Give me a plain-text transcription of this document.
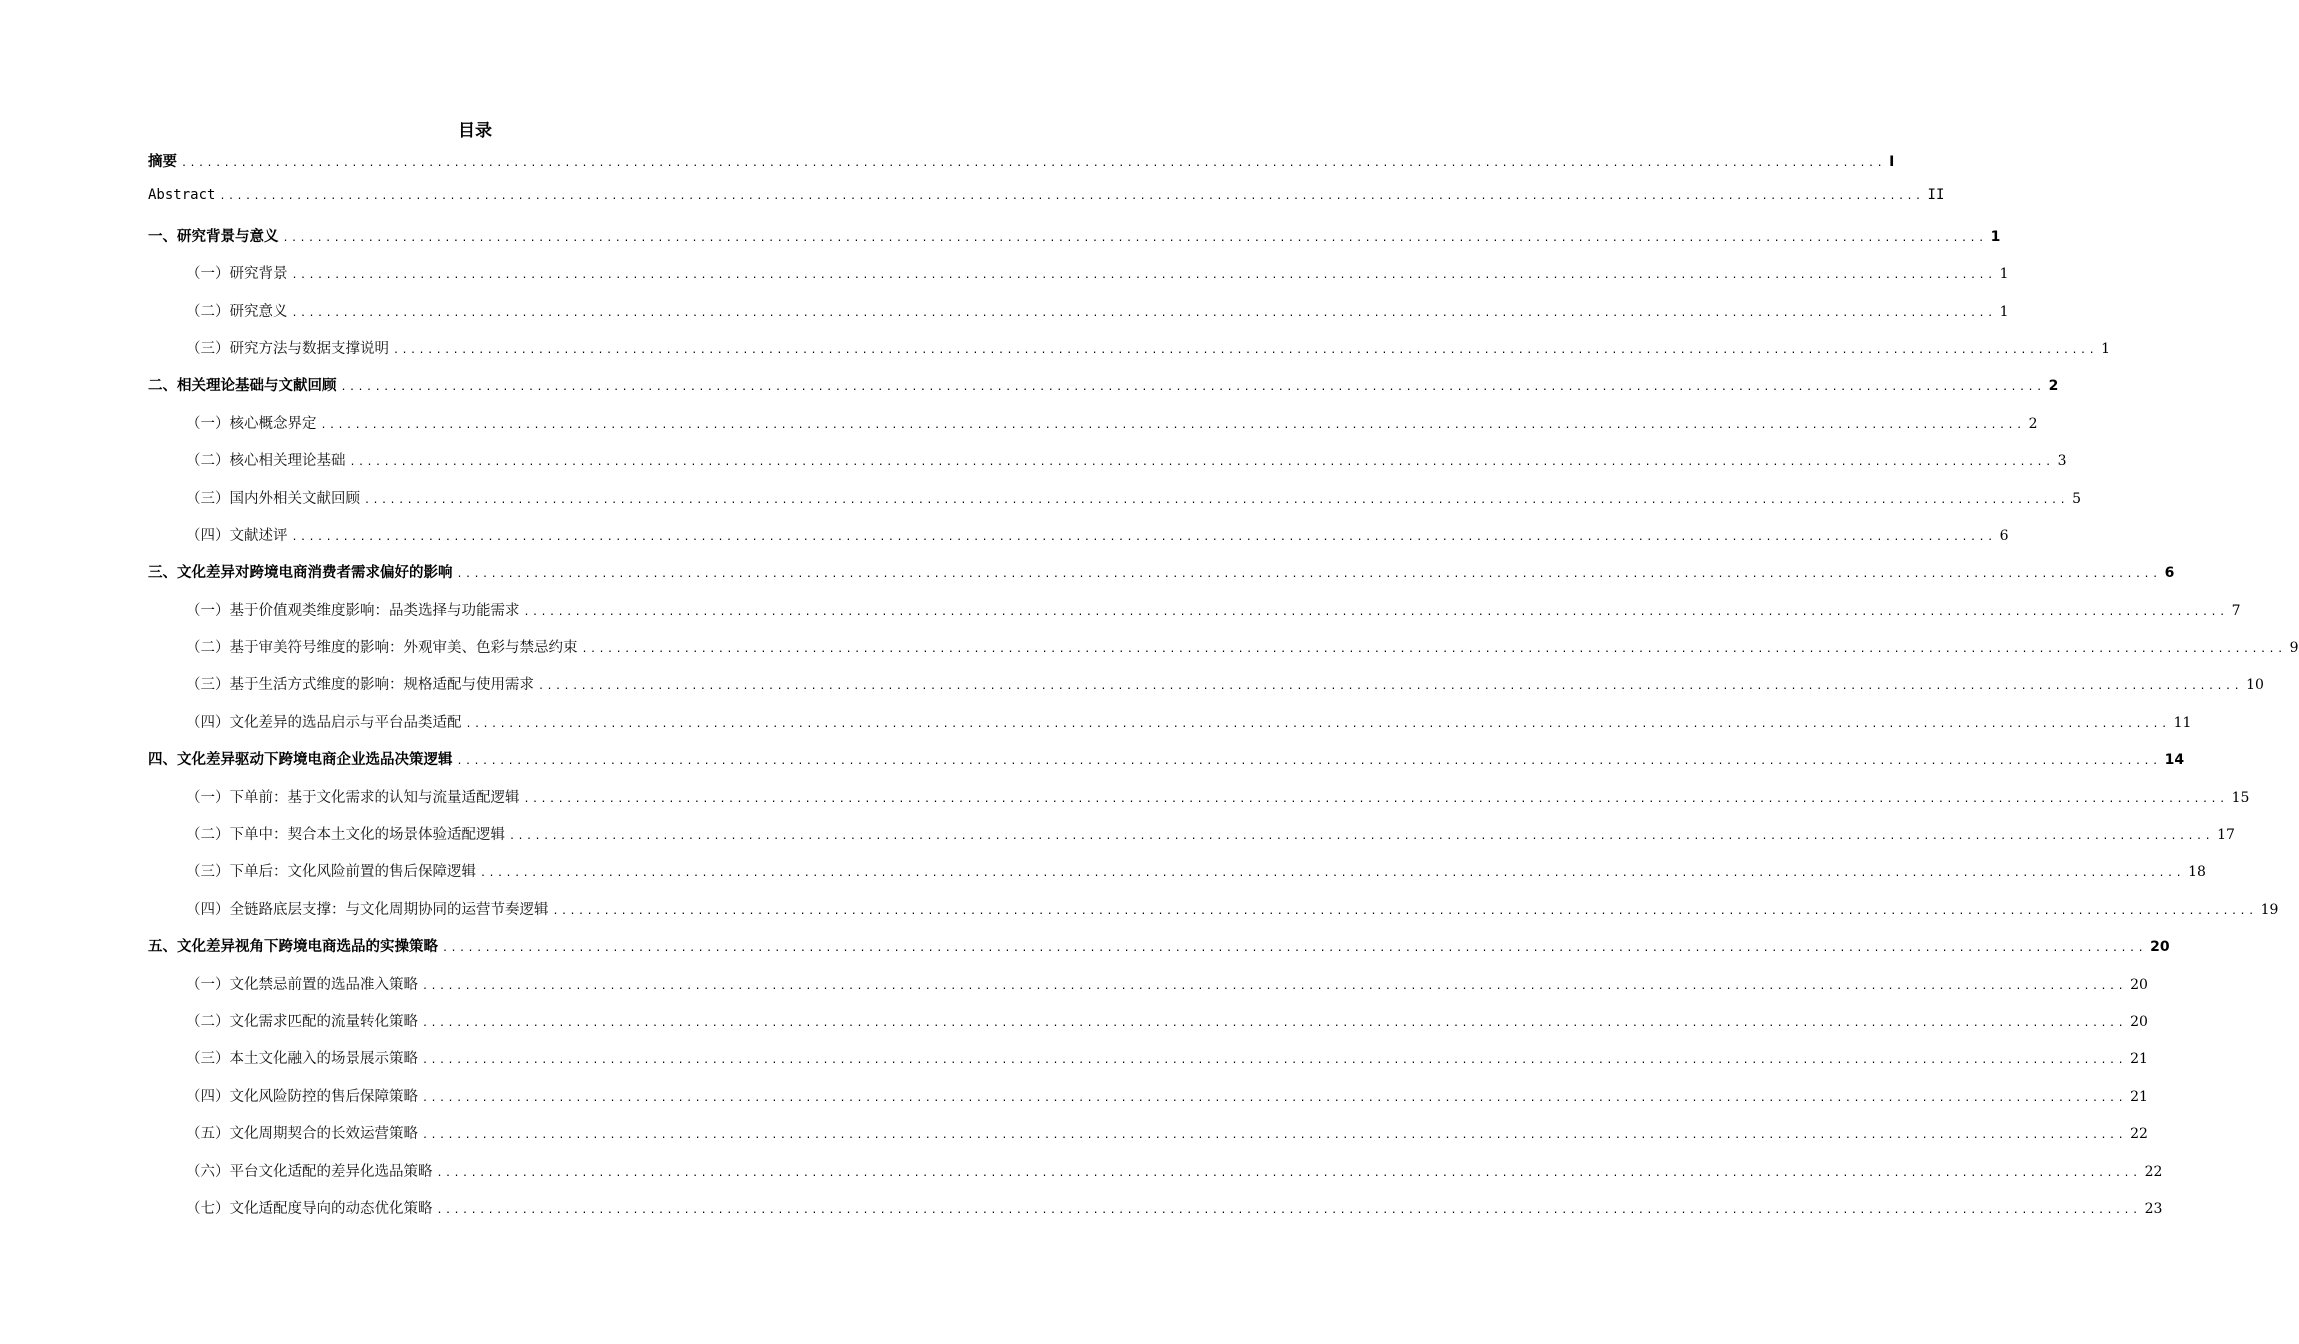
目录
摘要 ........................................................................................................................................................................................................ I
Abstract ........................................................................................................................................................................................................ II
一、研究背景与意义 ........................................................................................................................................................................................................ 1
（一）研究背景 ........................................................................................................................................................................................................ 1
（二）研究意义 ........................................................................................................................................................................................................ 1
（三）研究方法与数据支撑说明 ........................................................................................................................................................................................................ 1
二、相关理论基础与文献回顾 ........................................................................................................................................................................................................ 2
（一）核心概念界定 ........................................................................................................................................................................................................ 2
（二）核心相关理论基础 ........................................................................................................................................................................................................ 3
（三）国内外相关文献回顾 ........................................................................................................................................................................................................ 5
（四）文献述评 ........................................................................................................................................................................................................ 6
三、文化差异对跨境电商消费者需求偏好的影响 ........................................................................................................................................................................................................ 6
（一）基于价值观类维度影响：品类选择与功能需求 ........................................................................................................................................................................................................ 7
（二）基于审美符号维度的影响：外观审美、色彩与禁忌约束 ........................................................................................................................................................................................................ 9
（三）基于生活方式维度的影响：规格适配与使用需求 ........................................................................................................................................................................................................ 10
（四）文化差异的选品启示与平台品类适配 ........................................................................................................................................................................................................ 11
四、文化差异驱动下跨境电商企业选品决策逻辑 ........................................................................................................................................................................................................ 14
（一）下单前：基于文化需求的认知与流量适配逻辑 ........................................................................................................................................................................................................ 15
（二）下单中：契合本土文化的场景体验适配逻辑 ........................................................................................................................................................................................................ 17
（三）下单后：文化风险前置的售后保障逻辑 ........................................................................................................................................................................................................ 18
（四）全链路底层支撑：与文化周期协同的运营节奏逻辑 ........................................................................................................................................................................................................ 19
五、文化差异视角下跨境电商选品的实操策略 ........................................................................................................................................................................................................ 20
（一）文化禁忌前置的选品准入策略 ........................................................................................................................................................................................................ 20
（二）文化需求匹配的流量转化策略 ........................................................................................................................................................................................................ 20
（三）本土文化融入的场景展示策略 ........................................................................................................................................................................................................ 21
（四）文化风险防控的售后保障策略 ........................................................................................................................................................................................................ 21
（五）文化周期契合的长效运营策略 ........................................................................................................................................................................................................ 22
（六）平台文化适配的差异化选品策略 ........................................................................................................................................................................................................ 22
（七）文化适配度导向的动态优化策略 ........................................................................................................................................................................................................ 23
